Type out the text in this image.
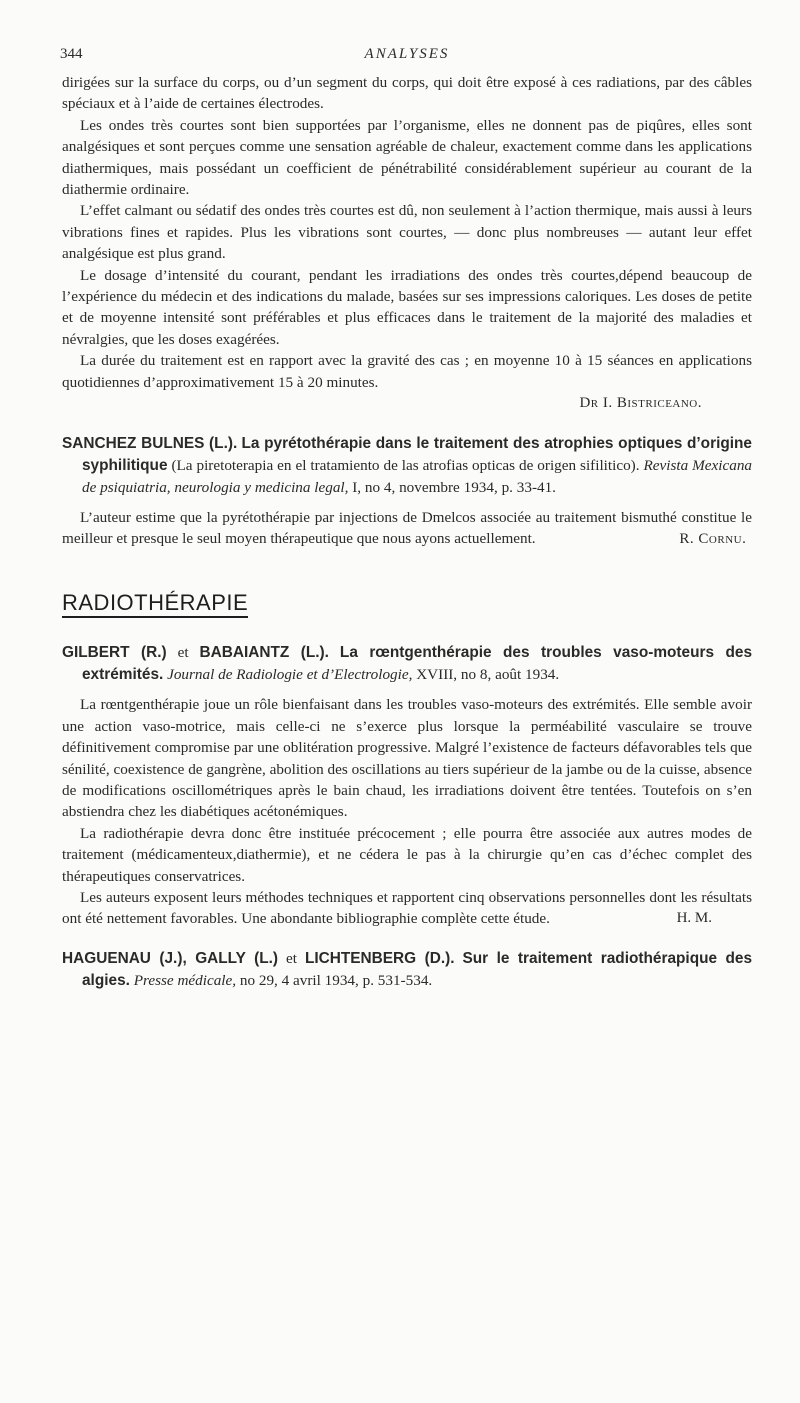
344	ANALYSES

dirigées sur la surface du corps, ou d’un segment du corps, qui doit être exposé à ces radiations, par des câbles spéciaux et à l’aide de certaines électrodes.

Les ondes très courtes sont bien supportées par l’organisme, elles ne donnent pas de piqûres, elles sont analgésiques et sont perçues comme une sensation agréable de chaleur, exactement comme dans les applications diathermiques, mais possédant un coefficient de pénétrabilité considérablement supérieur au courant de la diathermie ordinaire.

L’effet calmant ou sédatif des ondes très courtes est dû, non seulement à l’action thermique, mais aussi à leurs vibrations fines et rapides. Plus les vibrations sont courtes, — donc plus nombreuses — autant leur effet analgésique est plus grand.

Le dosage d’intensité du courant, pendant les irradiations des ondes très courtes,dépend beaucoup de l’expérience du médecin et des indications du malade, basées sur ses impressions caloriques. Les doses de petite et de moyenne intensité sont préférables et plus efficaces dans le traitement de la majorité des maladies et névralgies, que les doses exagérées.

La durée du traitement est en rapport avec la gravité des cas ; en moyenne 10 à 15 séances en applications quotidiennes d’approximativement 15 à 20 minutes.

Dr I. Bistriceano.
SANCHEZ BULNES (L.). La pyrétothérapie dans le traitement des atrophies optiques d’origine syphilitique (La piretoterapia en el tratamiento de las atrofias opticas de origen sifilitico). Revista Mexicana de psiquiatria, neurologia y medicina legal, I, no 4, novembre 1934, p. 33-41.

L’auteur estime que la pyrétothérapie par injections de Dmelcos associée au traitement bismuthé constitue le meilleur et presque le seul moyen thérapeutique que nous ayons actuellement.	R. Cornu.

RADIOTHÉRAPIE
GILBERT (R.) et BABAIANTZ (L.). La rœntgenthérapie des troubles vaso-moteurs des extrémités. Journal de Radiologie et d’Electrologie, XVIII, no 8, août 1934.

La rœntgenthérapie joue un rôle bienfaisant dans les troubles vaso-moteurs des extrémités. Elle semble avoir une action vaso-motrice, mais celle-ci ne s’exerce plus lorsque la perméabilité vasculaire se trouve définitivement compromise par une oblitération progressive. Malgré l’existence de facteurs défavorables tels que sénilité, coexistence de gangrène, abolition des oscillations au tiers supérieur de la jambe ou de la cuisse, absence de modifications oscillométriques après le bain chaud, les irradiations doivent être tentées. Toutefois on s’en abstiendra chez les diabétiques acétonémiques.

La radiothérapie devra donc être instituée précocement ; elle pourra être associée aux autres modes de traitement (médicamenteux,diathermie), et ne cédera le pas à la chirurgie qu’en cas d’échec complet des thérapeutiques conservatrices.

Les auteurs exposent leurs méthodes techniques et rapportent cinq observations personnelles dont les résultats ont été nettement favorables. Une abondante bibliographie complète cette étude.	H. M.

HAGUENAU (J.), GALLY (L.) et LICHTENBERG (D.). Sur le traitement radiothérapique des algies. Presse médicale, no 29, 4 avril 1934, p. 531-534.
